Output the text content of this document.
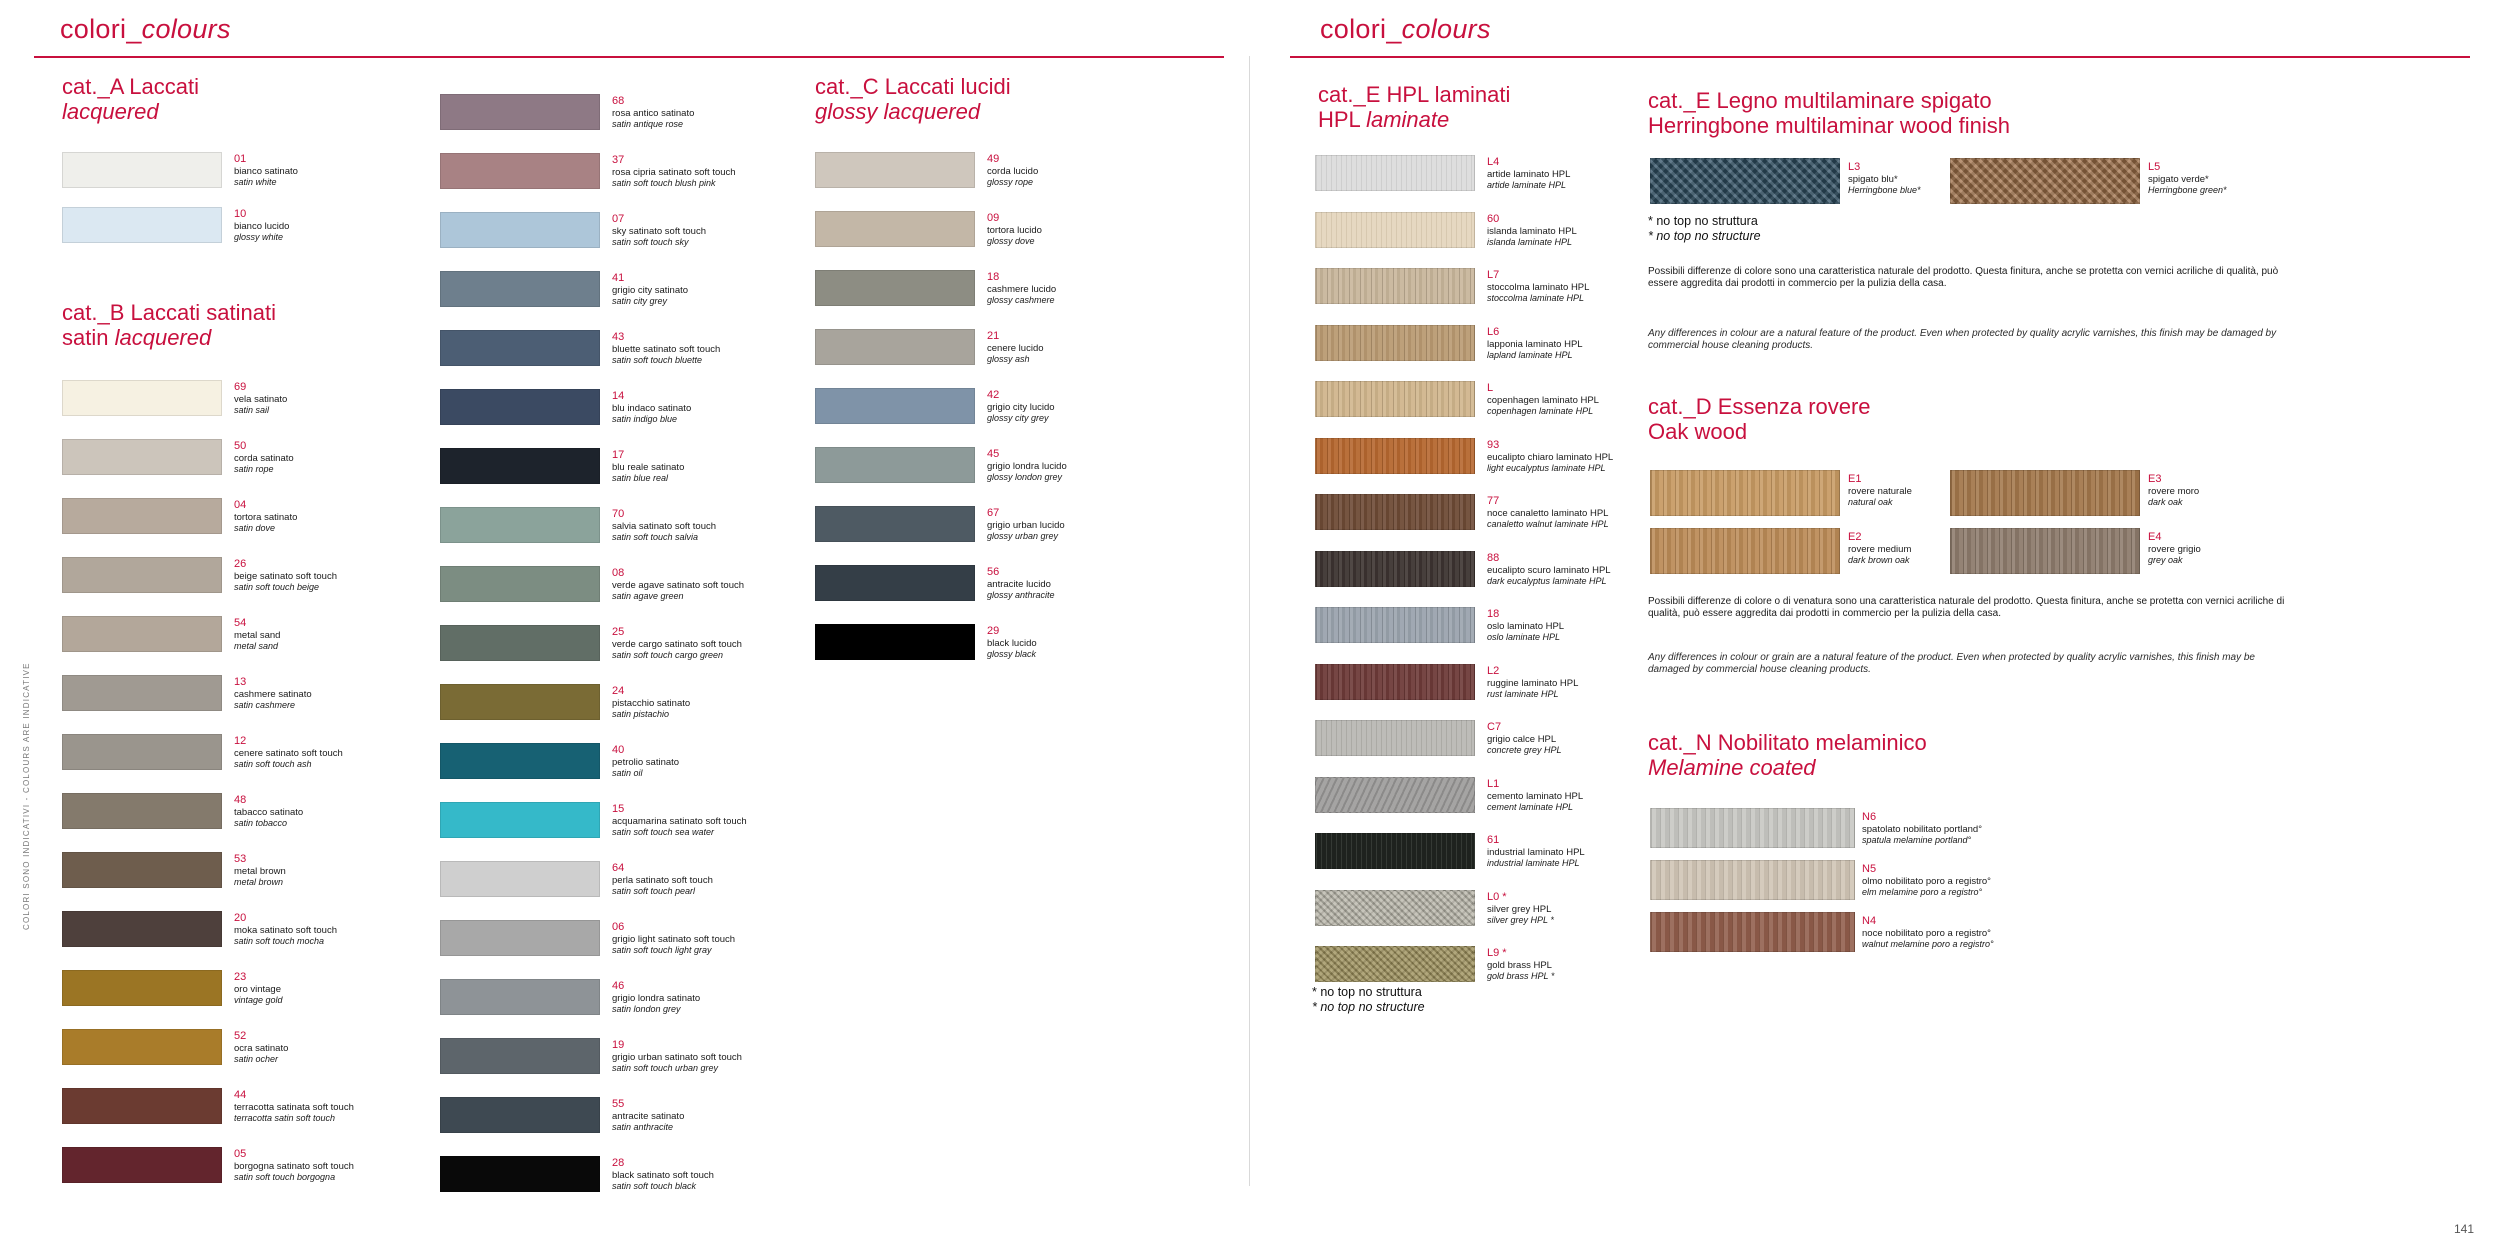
colori_colours
cat._A Laccati
lacquered
cat._B Laccati satinati
satin lacquered
cat._C Laccati lucidi
glossy lacquered
01
bianco satinato
satin white
10
bianco lucido
glossy white
69
vela satinato
satin sail
50
corda satinato
satin rope
04
tortora satinato
satin dove
26
beige satinato soft touch
satin soft touch beige
54
metal sand
metal sand
13
cashmere satinato
satin cashmere
12
cenere satinato soft touch
satin soft touch ash
48
tabacco satinato
satin tobacco
53
metal brown
metal brown
20
moka satinato soft touch
satin soft touch mocha
23
oro vintage
vintage gold
52
ocra satinato
satin ocher
44
terracotta satinata soft touch
terracotta satin soft touch
05
borgogna satinato soft touch
satin soft touch borgogna
68
rosa antico satinato
satin antique rose
37
rosa cipria satinato soft touch
satin soft touch blush pink
07
sky satinato soft touch
satin soft touch sky
41
grigio city satinato
satin city grey
43
bluette satinato soft touch
satin soft touch bluette
14
blu indaco satinato
satin indigo blue
17
blu reale satinato
satin blue real
70
salvia satinato soft touch
satin soft touch salvia
08
verde agave satinato soft touch
satin agave green
25
verde cargo satinato soft touch
satin soft touch cargo green
24
pistacchio satinato
satin pistachio
40
petrolio satinato
satin oil
15
acquamarina satinato soft touch
satin soft touch sea water
64
perla satinato soft touch
satin soft touch pearl
06
grigio light satinato soft touch
satin soft touch light gray
46
grigio londra satinato
satin london grey
19
grigio urban satinato soft touch
satin soft touch urban grey
55
antracite satinato
satin anthracite
28
black satinato soft touch
satin soft touch black
49
corda lucido
glossy rope
09
tortora lucido
glossy dove
18
cashmere lucido
glossy cashmere
21
cenere lucido
glossy ash
42
grigio city lucido
glossy city grey
45
grigio londra lucido
glossy london grey
67
grigio urban lucido
glossy urban grey
56
antracite lucido
glossy anthracite
29
black lucido
glossy black
COLORI SONO INDICATIVI - COLOURS ARE INDICATIVE
colori_colours
cat._E HPL laminati
HPL laminate
L4
artide laminato HPL
artide laminate HPL
60
islanda laminato HPL
islanda laminate HPL
L7
stoccolma laminato HPL
stoccolma laminate HPL
L6
lapponia laminato HPL
lapland laminate HPL
L
copenhagen laminato HPL
copenhagen laminate HPL
93
eucalipto chiaro laminato HPL
light eucalyptus laminate HPL
77
noce canaletto laminato HPL
canaletto walnut laminate HPL
88
eucalipto scuro laminato HPL
dark eucalyptus laminate HPL
18
oslo laminato HPL
oslo laminate HPL
L2
ruggine laminato HPL
rust laminate HPL
C7
grigio calce HPL
concrete grey HPL
L1
cemento laminato HPL
cement laminate HPL
61
industrial laminato HPL
industrial laminate HPL
L0 *
silver grey HPL
silver grey HPL *
L9 *
gold brass HPL
gold brass HPL *
* no top no struttura
* no top no structure
cat._E Legno multilaminare spigato
Herringbone multilaminar wood finish
L3
spigato blu*
Herringbone blue*
L5
spigato verde*
Herringbone green*
* no top no struttura
* no top no structure
Possibili differenze di colore sono una caratteristica naturale del prodotto. Questa finitura, anche se protetta con vernici acriliche di qualità, può essere aggredita dai prodotti in commercio per la pulizia della casa.
Any differences in colour are a natural feature of the product. Even when protected by quality acrylic varnishes, this finish may be damaged by commercial house cleaning products.
cat._D Essenza rovere
Oak wood
E1
rovere naturale
natural oak
E3
rovere moro
dark oak
E2
rovere medium
dark brown oak
E4
rovere grigio
grey oak
Possibili differenze di colore o di venatura sono una caratteristica naturale del prodotto. Questa finitura, anche se protetta con vernici acriliche di qualità, può essere aggredita dai prodotti in commercio per la pulizia della casa.
Any differences in colour or grain are a natural feature of the product. Even when protected by quality acrylic varnishes, this finish may be damaged by commercial house cleaning products.
cat._N Nobilitato melaminico
Melamine coated
N6
spatolato nobilitato portland°
spatula melamine portland°
N5
olmo nobilitato poro a registro°
elm melamine poro a registro°
N4
noce nobilitato poro a registro°
walnut melamine poro a registro°
141
